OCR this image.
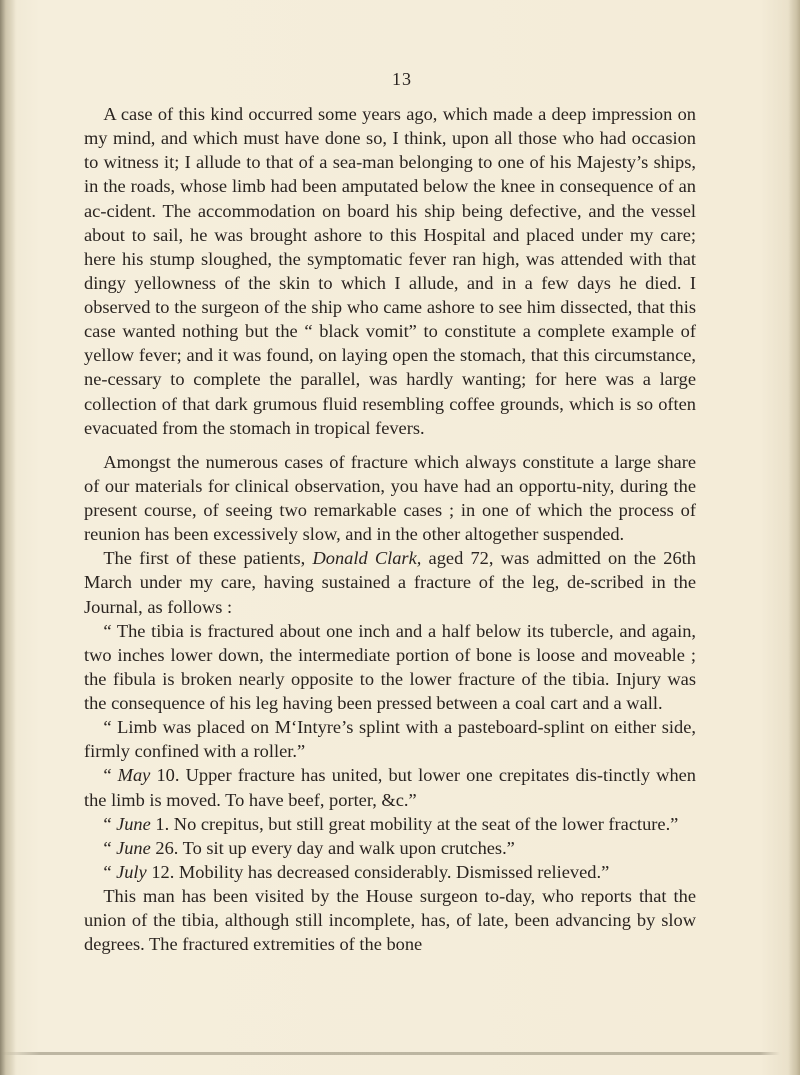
13

A case of this kind occurred some years ago, which made a deep impression on my mind, and which must have done so, I think, upon all those who had occasion to witness it; I allude to that of a sea-man belonging to one of his Majesty’s ships, in the roads, whose limb had been amputated below the knee in consequence of an ac-cident. The accommodation on board his ship being defective, and the vessel about to sail, he was brought ashore to this Hospital and placed under my care; here his stump sloughed, the symptomatic fever ran high, was attended with that dingy yellowness of the skin to which I allude, and in a few days he died. I observed to the surgeon of the ship who came ashore to see him dissected, that this case wanted nothing but the “ black vomit” to constitute a complete example of yellow fever; and it was found, on laying open the stomach, that this circumstance, ne-cessary to complete the parallel, was hardly wanting; for here was a large collection of that dark grumous fluid resembling coffee grounds, which is so often evacuated from the stomach in tropical fevers.

Amongst the numerous cases of fracture which always constitute a large share of our materials for clinical observation, you have had an opportu-nity, during the present course, of seeing two remarkable cases ; in one of which the process of reunion has been excessively slow, and in the other altogether suspended.

The first of these patients, Donald Clark, aged 72, was admitted on the 26th March under my care, having sustained a fracture of the leg, de-scribed in the Journal, as follows :

“ The tibia is fractured about one inch and a half below its tubercle, and again, two inches lower down, the intermediate portion of bone is loose and moveable ; the fibula is broken nearly opposite to the lower fracture of the tibia. Injury was the consequence of his leg having been pressed between a coal cart and a wall.

“ Limb was placed on M‘Intyre’s splint with a pasteboard-splint on either side, firmly confined with a roller.”

“ May 10. Upper fracture has united, but lower one crepitates dis-tinctly when the limb is moved. To have beef, porter, &c.”

“ June 1. No crepitus, but still great mobility at the seat of the lower fracture.”

“ June 26. To sit up every day and walk upon crutches.”

“ July 12. Mobility has decreased considerably. Dismissed relieved.”

This man has been visited by the House surgeon to-day, who reports that the union of the tibia, although still incomplete, has, of late, been advancing by slow degrees. The fractured extremities of the bone
